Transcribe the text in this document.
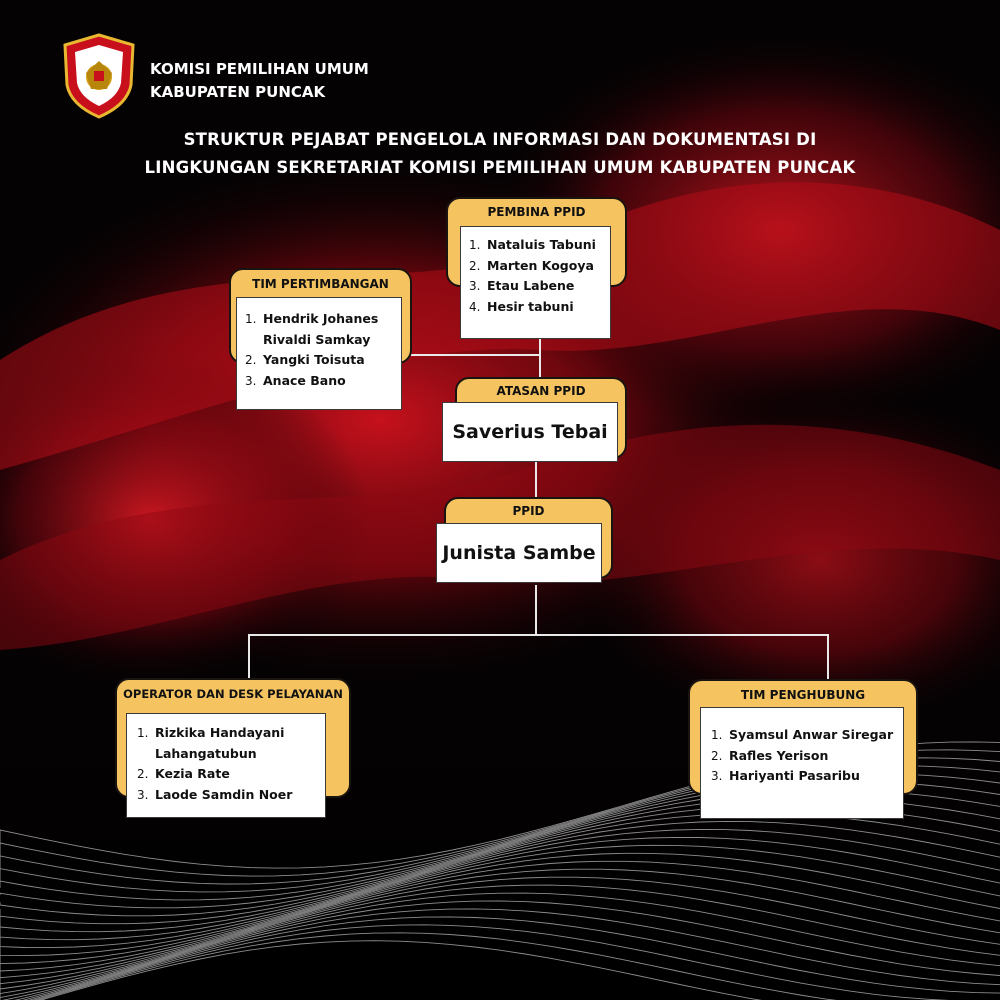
KOMISI PEMILIHAN UMUM
KABUPATEN PUNCAK
STRUKTUR PEJABAT PENGELOLA INFORMASI DAN DOKUMENTASI DI
LINGKUNGAN SEKRETARIAT KOMISI PEMILIHAN UMUM KABUPATEN PUNCAK
PEMBINA PPID
1. Nataluis Tabuni
2. Marten Kogoya
3. Etau Labene
4. Hesir tabuni
TIM PERTIMBANGAN
1. Hendrik Johanes
Rivaldi Samkay
2. Yangki Toisuta
3. Anace Bano
ATASAN PPID
Saverius Tebai
PPID
Junista Sambe
OPERATOR DAN DESK PELAYANAN
1. Rizkika Handayani
Lahangatubun
2. Kezia Rate
3. Laode Samdin Noer
TIM PENGHUBUNG
1. Syamsul Anwar Siregar
2. Rafles Yerison
3. Hariyanti Pasaribu
